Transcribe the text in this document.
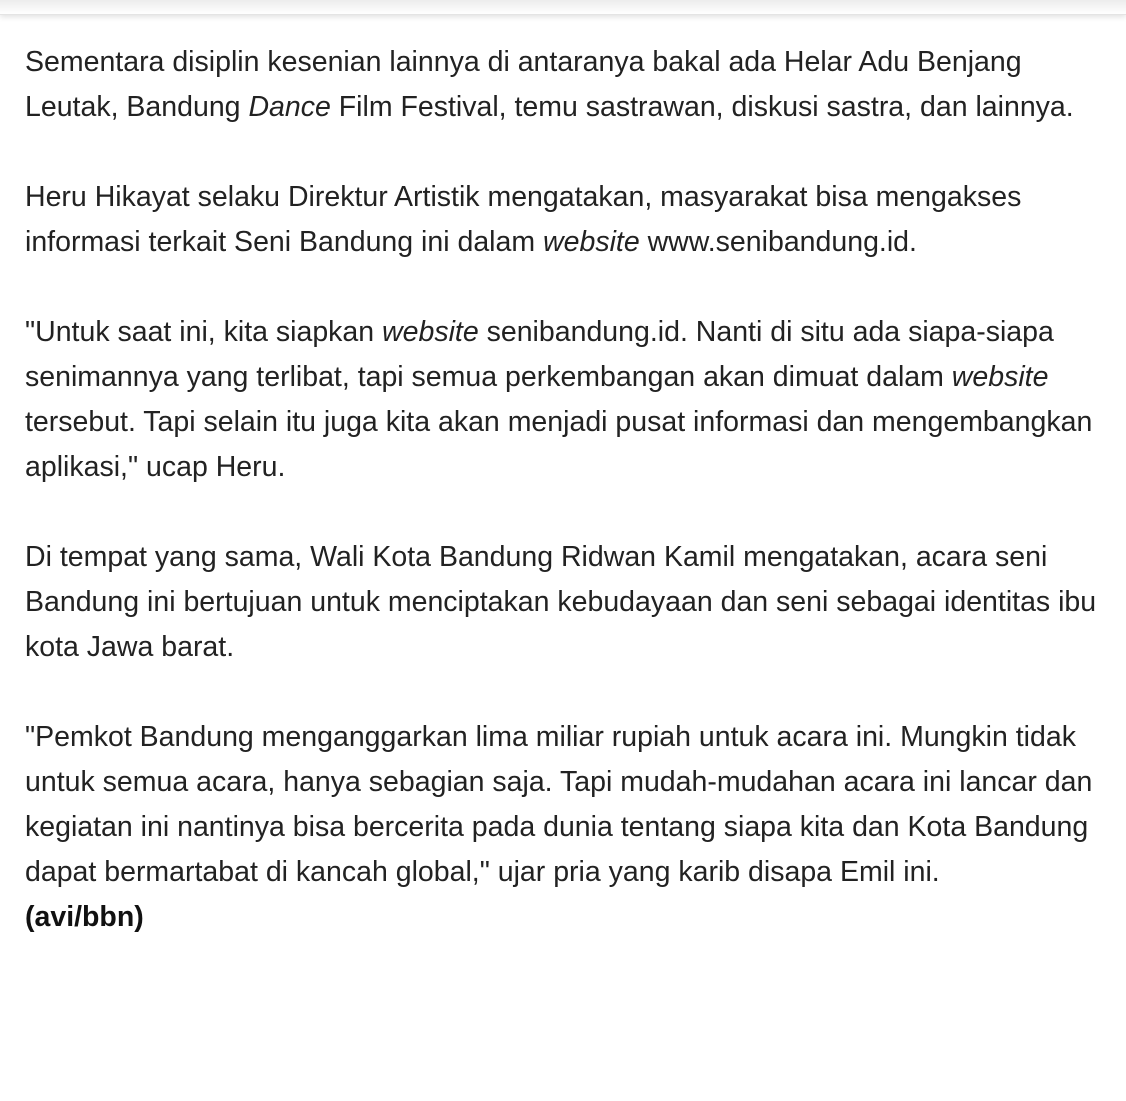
Sementara disiplin kesenian lainnya di antaranya bakal ada Helar Adu Benjang Leutak, Bandung Dance Film Festival, temu sastrawan, diskusi sastra, dan lainnya.

Heru Hikayat selaku Direktur Artistik mengatakan, masyarakat bisa mengakses informasi terkait Seni Bandung ini dalam website www.senibandung.id.

"Untuk saat ini, kita siapkan website senibandung.id. Nanti di situ ada siapa-siapa senimannya yang terlibat, tapi semua perkembangan akan dimuat dalam website tersebut. Tapi selain itu juga kita akan menjadi pusat informasi dan mengembangkan aplikasi," ucap Heru.

Di tempat yang sama, Wali Kota Bandung Ridwan Kamil mengatakan, acara seni Bandung ini bertujuan untuk menciptakan kebudayaan dan seni sebagai identitas ibu kota Jawa barat.

"Pemkot Bandung menganggarkan lima miliar rupiah untuk acara ini. Mungkin tidak untuk semua acara, hanya sebagian saja. Tapi mudah-mudahan acara ini lancar dan kegiatan ini nantinya bisa bercerita pada dunia tentang siapa kita dan Kota Bandung dapat bermartabat di kancah global," ujar pria yang karib disapa Emil ini.

(avi/bbn)
